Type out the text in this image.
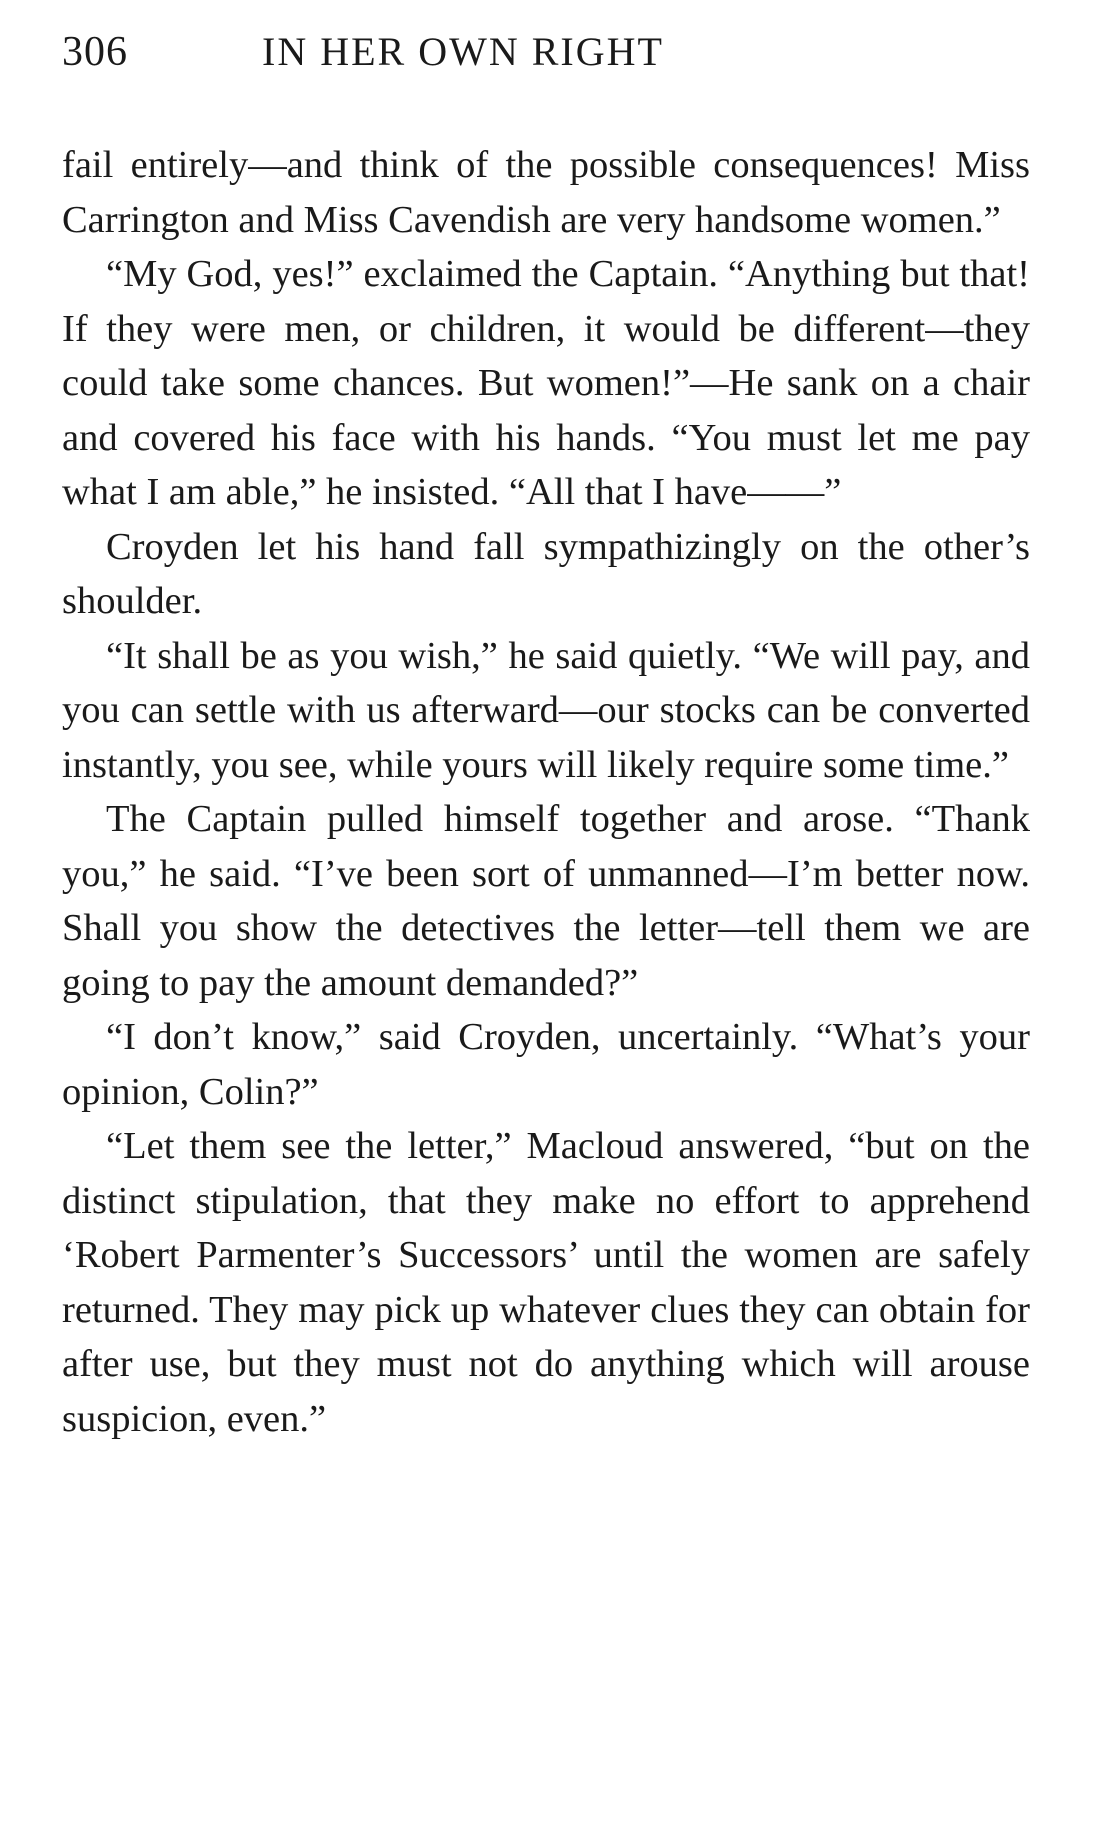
306	IN HER OWN RIGHT

fail entirely—and think of the possible consequences! Miss Carrington and Miss Cavendish are very handsome women.”

“My God, yes!” exclaimed the Captain. “Anything but that! If they were men, or children, it would be different—they could take some chances. But women!”—He sank on a chair and covered his face with his hands. “You must let me pay what I am able,” he insisted. “All that I have——”

Croyden let his hand fall sympathizingly on the other’s shoulder.

“It shall be as you wish,” he said quietly. “We will pay, and you can settle with us afterward—our stocks can be converted instantly, you see, while yours will likely require some time.”

The Captain pulled himself together and arose. “Thank you,” he said. “I’ve been sort of unmanned—I’m better now. Shall you show the detectives the letter—tell them we are going to pay the amount demanded?”

“I don’t know,” said Croyden, uncertainly. “What’s your opinion, Colin?”

“Let them see the letter,” Macloud answered, “but on the distinct stipulation, that they make no effort to apprehend ‘Robert Parmenter’s Successors’ until the women are safely returned. They may pick up whatever clues they can obtain for after use, but they must not do anything which will arouse suspicion, even.”
